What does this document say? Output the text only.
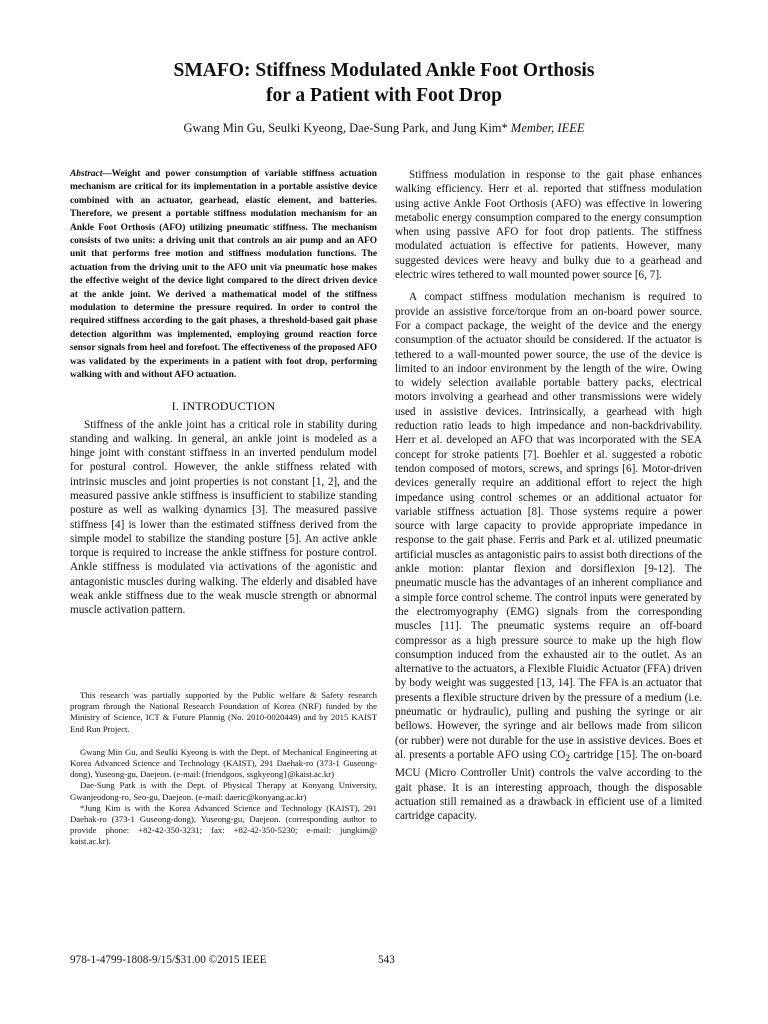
SMAFO: Stiffness Modulated Ankle Foot Orthosis
for a Patient with Foot Drop
Gwang Min Gu, Seulki Kyeong, Dae-Sung Park, and Jung Kim* Member, IEEE

Abstract—Weight and power consumption of variable stiffness actuation mechanism are critical for its implementation in a portable assistive device combined with an actuator, gearhead, elastic element, and batteries. Therefore, we present a portable stiffness modulation mechanism for an Ankle Foot Orthosis (AFO) utilizing pneumatic stiffness. The mechanism consists of two units: a driving unit that controls an air pump and an AFO unit that performs free motion and stiffness modulation functions. The actuation from the driving unit to the AFO unit via pneumatic hose makes the effective weight of the device light compared to the direct driven device at the ankle joint. We derived a mathematical model of the stiffness modulation to determine the pressure required. In order to control the required stiffness according to the gait phases, a threshold-based gait phase detection algorithm was implemented, employing ground reaction force sensor signals from heel and forefoot. The effectiveness of the proposed AFO was validated by the experiments in a patient with foot drop, performing walking with and without AFO actuation.

I. INTRODUCTION

Stiffness of the ankle joint has a critical role in stability during standing and walking. In general, an ankle joint is modeled as a hinge joint with constant stiffness in an inverted pendulum model for postural control. However, the ankle stiffness related with intrinsic muscles and joint properties is not constant [1, 2], and the measured passive ankle stiffness is insufficient to stabilize standing posture as well as walking dynamics [3]. The measured passive stiffness [4] is lower than the estimated stiffness derived from the simple model to stabilize the standing posture [5]. An active ankle torque is required to increase the ankle stiffness for posture control. Ankle stiffness is modulated via activations of the agonistic and antagonistic muscles during walking. The elderly and disabled have weak ankle stiffness due to the weak muscle strength or abnormal muscle activation pattern.

This research was partially supported by the Public welfare & Safety research program through the National Research Foundation of Korea (NRF) funded by the Ministry of Science, ICT & Future Plannig (No. 2010-0020449) and by 2015 KAIST End Run Project.

Gwang Min Gu, and Seulki Kyeong is with the Dept. of Mechanical Engineering at Korea Advanced Science and Technology (KAIST), 291 Daehak-ro (373-1 Guseong-dong), Yuseong-gu, Daejeon. (e-mail:{friendgoos, ssgkyeong}@kaist.ac.kr)

Dae-Sung Park is with the Dept. of Physical Therapy at Konyang University, Gwanjeodong-ro, Seo-gu, Daejeon. (e-mail: daeric@konyang.ac.kr)

*Jung Kim is with the Korea Advanced Science and Technology (KAIST), 291 Daehak-ro (373-1 Guseong-dong), Yuseong-gu, Daejeon. (corresponding author to provide phone: +82-42-350-3231; fax: +82-42-350-5230; e-mail: jungkim@ kaist.ac.kr).

Stiffness modulation in response to the gait phase enhances walking efficiency. Herr et al. reported that stiffness modulation using active Ankle Foot Orthosis (AFO) was effective in lowering metabolic energy consumption compared to the energy consumption when using passive AFO for foot drop patients. The stiffness modulated actuation is effective for patients. However, many suggested devices were heavy and bulky due to a gearhead and electric wires tethered to wall mounted power source [6, 7].

A compact stiffness modulation mechanism is required to provide an assistive force/torque from an on-board power source. For a compact package, the weight of the device and the energy consumption of the actuator should be considered. If the actuator is tethered to a wall-mounted power source, the use of the device is limited to an indoor environment by the length of the wire. Owing to widely selection available portable battery packs, electrical motors involving a gearhead and other transmissions were widely used in assistive devices. Intrinsically, a gearhead with high reduction ratio leads to high impedance and non-backdrivability. Herr et al. developed an AFO that was incorporated with the SEA concept for stroke patients [7]. Boehler et al. suggested a robotic tendon composed of motors, screws, and springs [6]. Motor-driven devices generally require an additional effort to reject the high impedance using control schemes or an additional actuator for variable stiffness actuation [8]. Those systems require a power source with large capacity to provide appropriate impedance in response to the gait phase. Ferris and Park et al. utilized pneumatic artificial muscles as antagonistic pairs to assist both directions of the ankle motion: plantar flexion and dorsiflexion [9-12]. The pneumatic muscle has the advantages of an inherent compliance and a simple force control scheme. The control inputs were generated by the electromyography (EMG) signals from the corresponding muscles [11]. The pneumatic systems require an off-board compressor as a high pressure source to make up the high flow consumption induced from the exhausted air to the outlet. As an alternative to the actuators, a Flexible Fluidic Actuator (FFA) driven by body weight was suggested [13, 14]. The FFA is an actuator that presents a flexible structure driven by the pressure of a medium (i.e. pneumatic or hydraulic), pulling and pushing the syringe or air bellows. However, the syringe and air bellows made from silicon (or rubber) were not durable for the use in assistive devices. Boes et al. presents a portable AFO using $CO_2$ cartridge [15]. The on-board MCU (Micro Controller Unit) controls the valve according to the gait phase. It is an interesting approach, though the disposable actuation still remained as a drawback in efficient use of a limited cartridge capacity.

978-1-4799-1808-9/15/$31.00 ©2015 IEEE	543
